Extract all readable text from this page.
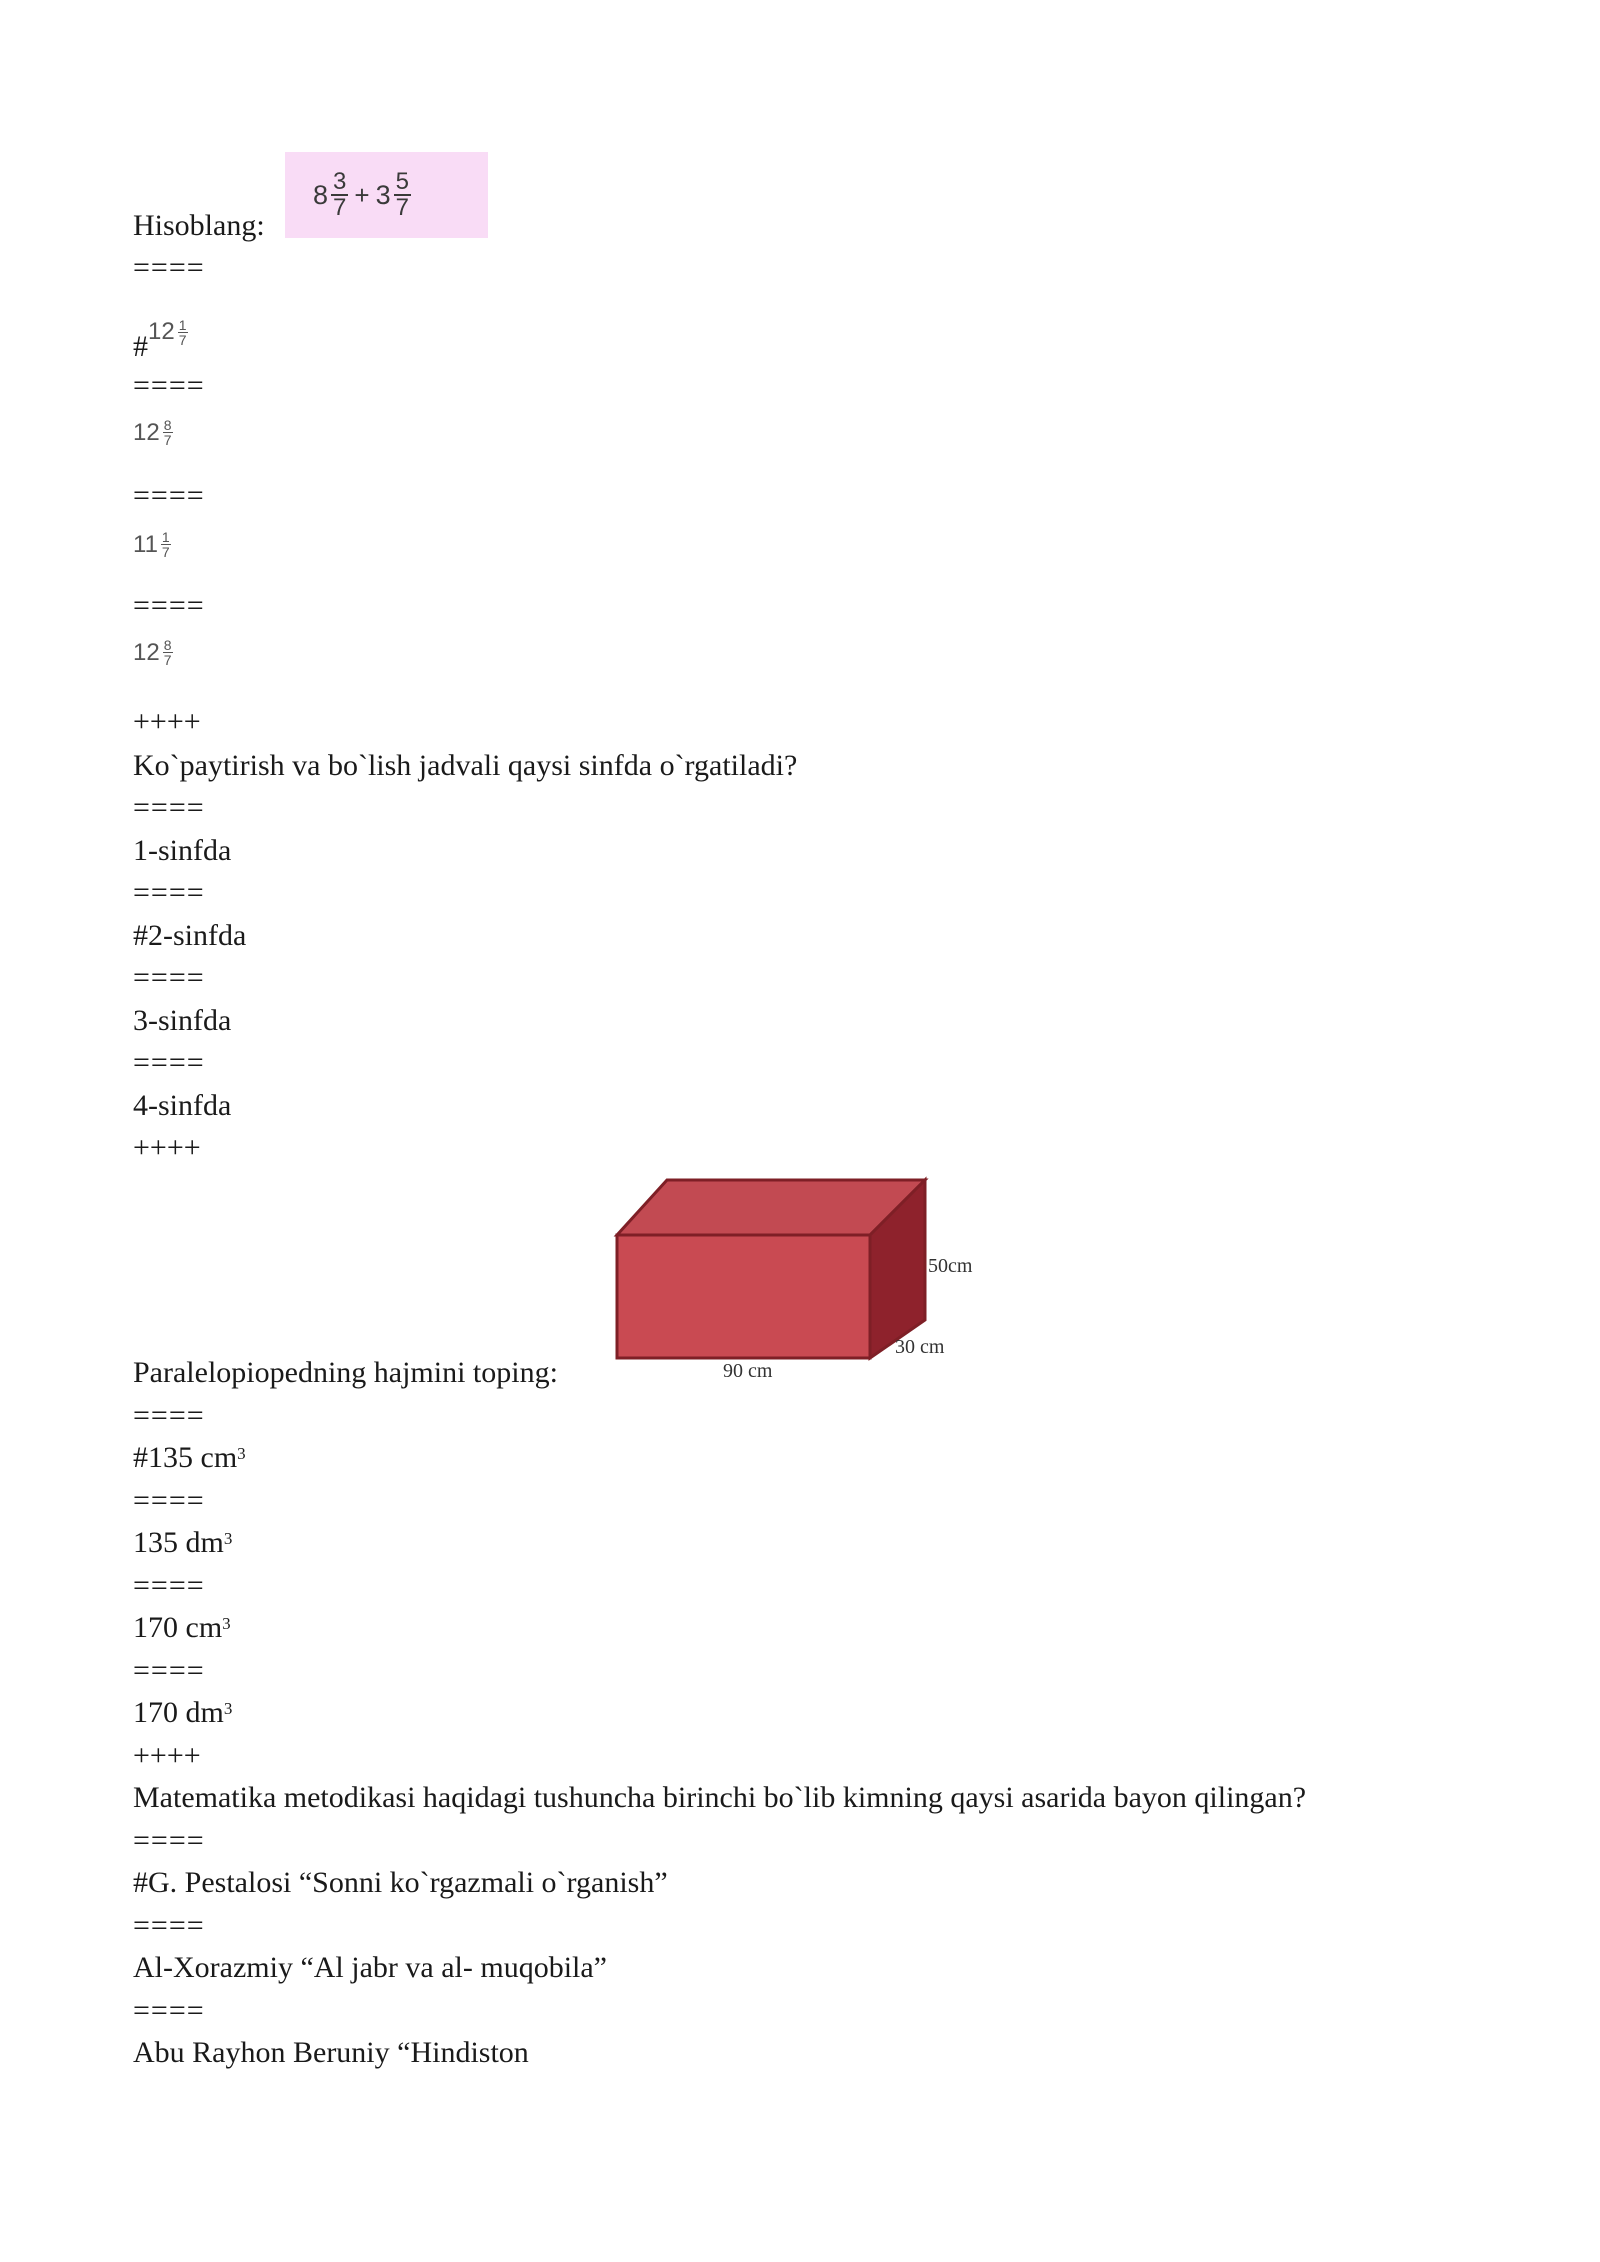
Hisoblang:
$8 \frac{3}{7} + 3 \frac{5}{7}$
====
# $12 \frac{1}{7}$
====
$12 \frac{8}{7}$
====
$11 \frac{1}{7}$
====
$12 \frac{8}{7}$
++++
Ko`paytirish va bo`lish jadvali qaysi sinfda o`rgatiladi?
====
1-sinfda
====
#2-sinfda
====
3-sinfda
====
4-sinfda
++++
50cm
30 cm
90 cm
Paralelopiopedning hajmini toping:
====
#135 $cm^3$
====
135 $dm^3$
====
170 $cm^3$
====
170 $dm^3$
++++
Matematika metodikasi haqidagi tushuncha birinchi bo`lib kimning qaysi asarida bayon qilingan?
====
#G. Pestalosi “Sonni ko`rgazmali o`rganish”
====
Al-Xorazmiy “Al jabr va al- muqobila”
====
Abu Rayhon Beruniy “Hindiston
